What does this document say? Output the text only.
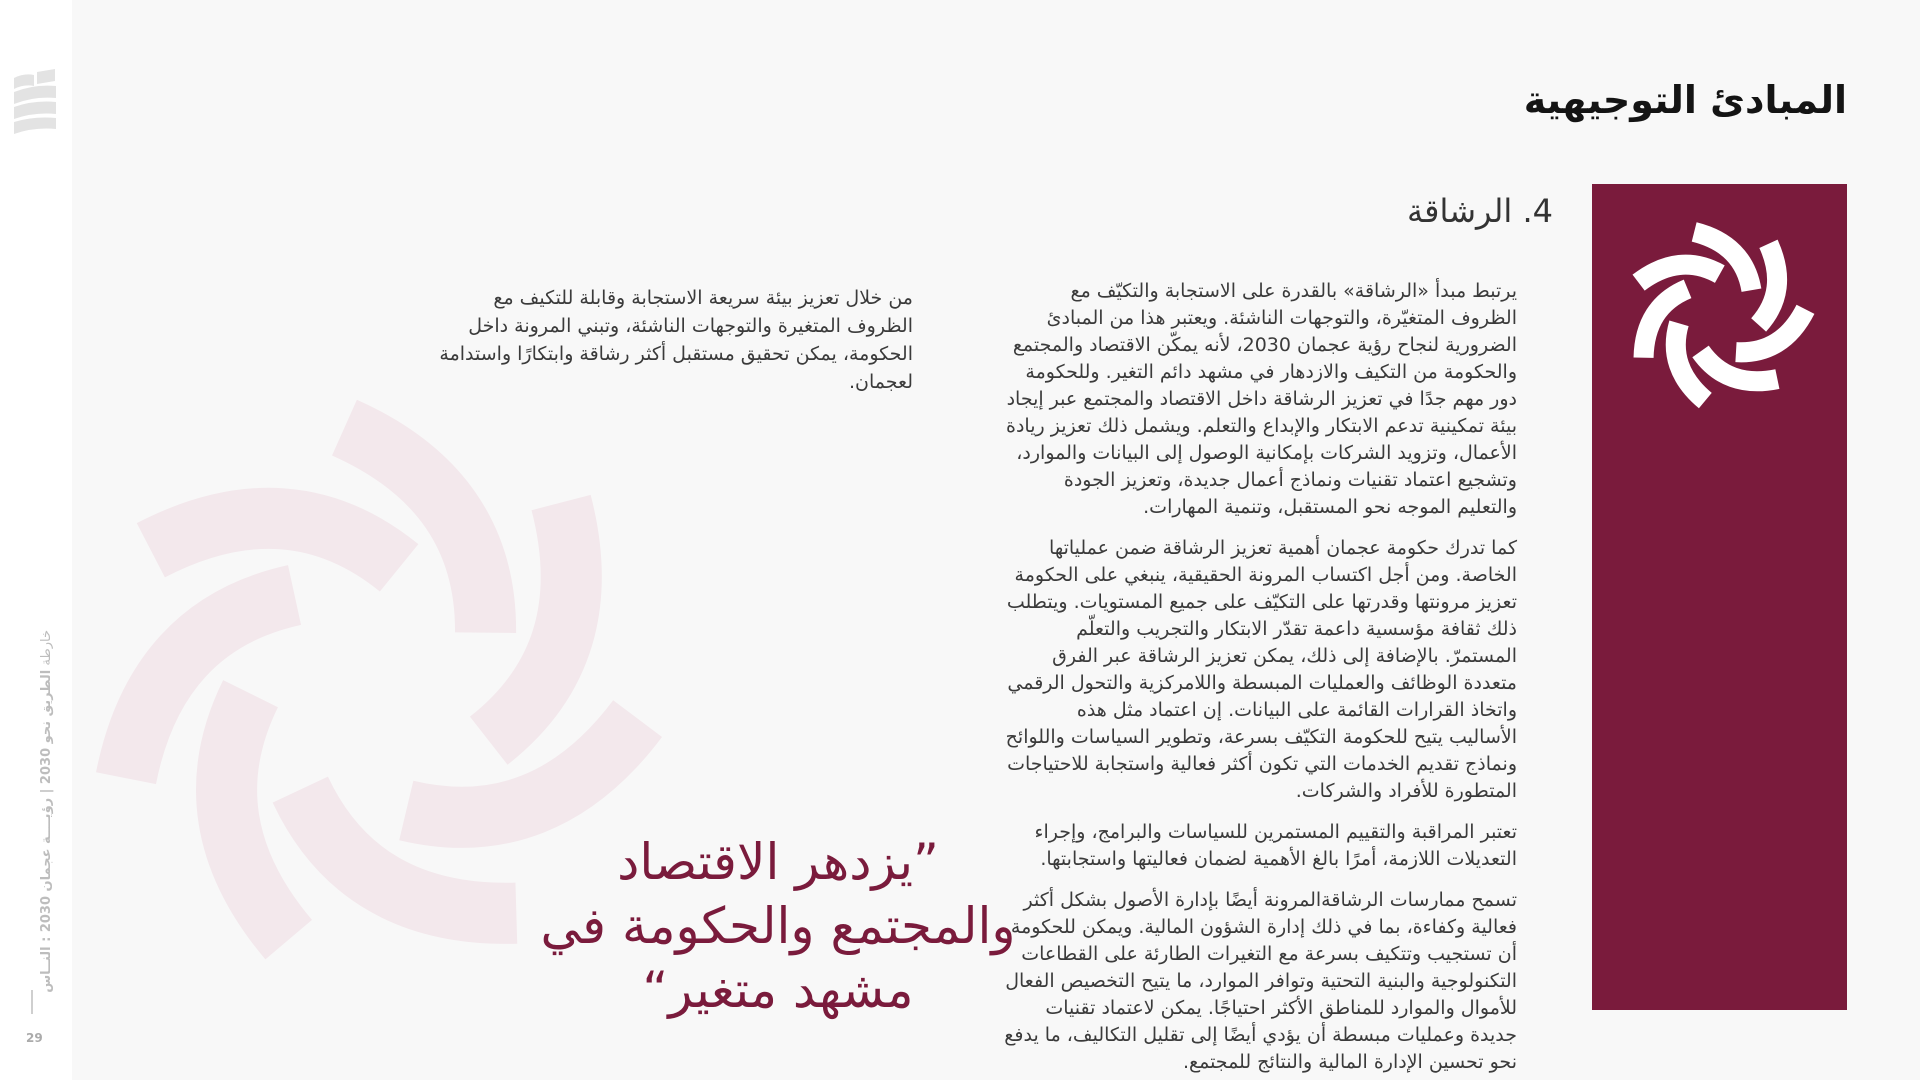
خارطة الطريق نحو 2030 | رؤيــــة عجمان 2030 : النــاس
29
المبادئ التوجيهية
4. الرشاقة
من خلال تعزيز بيئة سريعة الاستجابة وقابلة للتكيف مع الظروف المتغيرة والتوجهات الناشئة، وتبني المرونة داخل الحكومة، يمكن تحقيق مستقبل أكثر رشاقة وابتكارًا واستدامة لعجمان.

يرتبط مبدأ «الرشاقة» بالقدرة على الاستجابة والتكيّف مع الظروف المتغيّرة، والتوجهات الناشئة. ويعتبر هذا من المبادئ الضرورية لنجاح رؤية عجمان 2030، لأنه يمكّن الاقتصاد والمجتمع والحكومة من التكيف والازدهار في مشهد دائم التغير. وللحكومة دور مهم جدًا في تعزيز الرشاقة داخل الاقتصاد والمجتمع عبر إيجاد بيئة تمكينية تدعم الابتكار والإبداع والتعلم. ويشمل ذلك تعزيز ريادة الأعمال، وتزويد الشركات بإمكانية الوصول إلى البيانات والموارد، وتشجيع اعتماد تقنيات ونماذج أعمال جديدة، وتعزيز الجودة والتعليم الموجه نحو المستقبل، وتنمية المهارات.

كما تدرك حكومة عجمان أهمية تعزيز الرشاقة ضمن عملياتها الخاصة. ومن أجل اكتساب المرونة الحقيقية، ينبغي على الحكومة تعزيز مرونتها وقدرتها على التكيّف على جميع المستويات. ويتطلب ذلك ثقافة مؤسسية داعمة تقدّر الابتكار والتجريب والتعلّم المستمرّ. بالإضافة إلى ذلك، يمكن تعزيز الرشاقة عبر الفرق متعددة الوظائف والعمليات المبسطة واللامركزية والتحول الرقمي واتخاذ القرارات القائمة على البيانات. إن اعتماد مثل هذه الأساليب يتيح للحكومة التكيّف بسرعة، وتطوير السياسات واللوائح ونماذج تقديم الخدمات التي تكون أكثر فعالية واستجابة للاحتياجات المتطورة للأفراد والشركات.

تعتبر المراقبة والتقييم المستمرين للسياسات والبرامج، وإجراء التعديلات اللازمة، أمرًا بالغ الأهمية لضمان فعاليتها واستجابتها.

تسمح ممارسات الرشاقةالمرونة أيضًا بإدارة الأصول بشكل أكثر فعالية وكفاءة، بما في ذلك إدارة الشؤون المالية. ويمكن للحكومة أن تستجيب وتتكيف بسرعة مع التغيرات الطارئة على القطاعات التكنولوجية والبنية التحتية وتوافر الموارد، ما يتيح التخصيص الفعال للأموال والموارد للمناطق الأكثر احتياجًا. يمكن لاعتماد تقنيات جديدة وعمليات مبسطة أن يؤدي أيضًا إلى تقليل التكاليف، ما يدفع نحو تحسين الإدارة المالية والنتائج للمجتمع.

”يزدهر الاقتصاد
والمجتمع والحكومة في
مشهد متغير“
